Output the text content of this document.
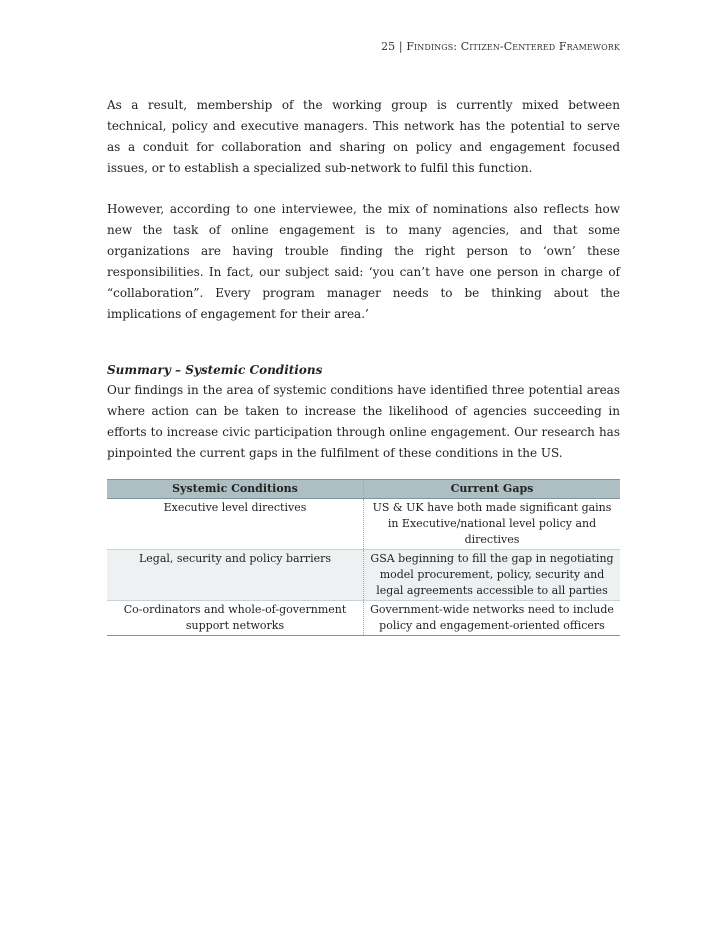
25 | Findings: Citizen-Centered Framework

As a result, membership of the working group is currently mixed between technical, policy and executive managers. This network has the potential to serve as a conduit for collaboration and sharing on policy and engagement focused issues, or to establish a specialized sub-network to fulfil this function.

However, according to one interviewee, the mix of nominations also reflects how new the task of online engagement is to many agencies, and that some organizations are having trouble finding the right person to ‘own’ these responsibilities. In fact, our subject said: ‘you can’t have one person in charge of “collaboration”. Every program manager needs to be thinking about the implications of engagement for their area.’

Summary – Systemic Conditions

Our findings in the area of systemic conditions have identified three potential areas where action can be taken to increase the likelihood of agencies succeeding in efforts to increase civic participation through online engagement. Our research has pinpointed the current gaps in the fulfilment of these conditions in the US.

Systemic Conditions	Current Gaps
Executive level directives	US & UK have both made significant gains in Executive/national level policy and directives
Legal, security and policy barriers	GSA beginning to fill the gap in negotiating model procurement, policy, security and legal agreements accessible to all parties
Co-ordinators and whole-of-government support networks	Government-wide networks need to include policy and engagement-oriented officers
